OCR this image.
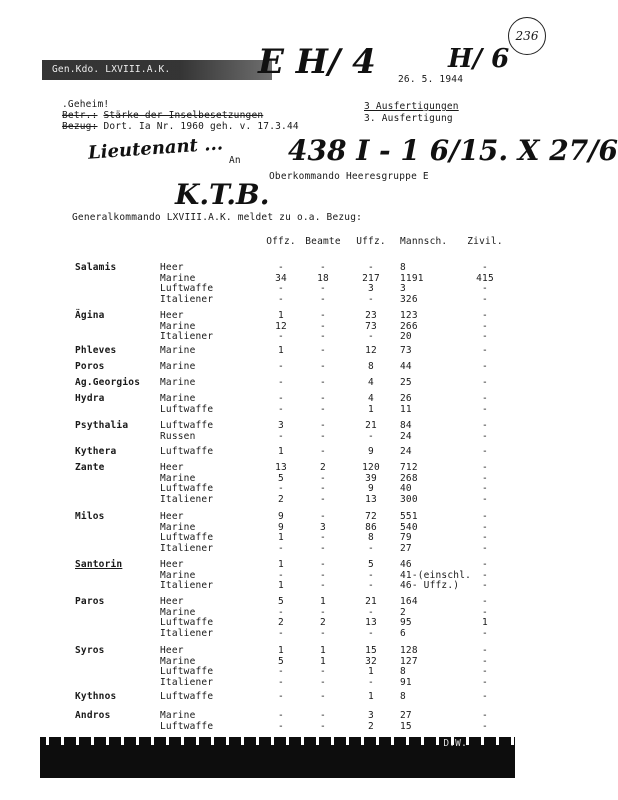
236
Gen.Kdo. LXVIII.A.K.
26. 5. 1944
.Geheim!
Betr.: Stärke der Inselbesetzungen
Bezug: Dort. Ia Nr. 1960 geh. v. 17.3.44
3 Ausfertigungen
3. Ausfertigung
E H/ 4	H/ 6
438 I - 1 6/15. X 27/6
Lieutenant ...
K.T.B.
An
Oberkommando Heeresgruppe E
Generalkommando LXVIII.A.K. meldet zu o.a. Bezug:
Offz. Beamte	Uffz.	Mannsch.	Zivil.
Salamis	Heer	-	-	-	8	-
Marine	34	18	217	1191	415
Luftwaffe	-	-	3	3	-
Italiener	-	-	-	326	-
Ägina	Heer	1	-	23	123	-
Marine	12	-	73	266	-
Italiener	-	-	-	20	-
Phleves	Marine	1	-	12	73	-
Poros	Marine	-	-	8	44	-
Ag.Georgios Marine	-	-	4	25	-
Hydra	Marine	-	-	4	26	-
Luftwaffe	-	-	1	11	-
Psythalia	Luftwaffe	3	-	21	84	-
Russen	-	-	-	24	-
Kythera	Luftwaffe	1	-	9	24	-
Zante	Heer	13	2	120	712	-
Marine	5	-	39	268	-
Luftwaffe	-	-	9	40	-
Italiener	2	-	13	300	-
Milos	Heer	9	-	72	551	-
Marine	9	3	86	540	-
Luftwaffe	1	-	8	79	-
Italiener	-	-	-	27	-
Santorin	Heer	1	-	5	46	-
Marine	-	-	-	41-(einschl.	-
Italiener	1	-	-	46- Uffz.)	-
Paros	Heer	5	1	21	164	-
Marine	-	-	-	2	-
Luftwaffe	2	2	13	95	1
Italiener	-	-	-	6	-
Syros	Heer	1	1	15	128	-
Marine	5	1	32	127	-
Luftwaffe	-	-	1	8	-
Italiener	-	-	-	91	-
Kythnos	Luftwaffe	-	-	1	8	-
Andros	Marine	-	-	3	27	-
Luftwaffe	-	-	2	15	-
D.W.
